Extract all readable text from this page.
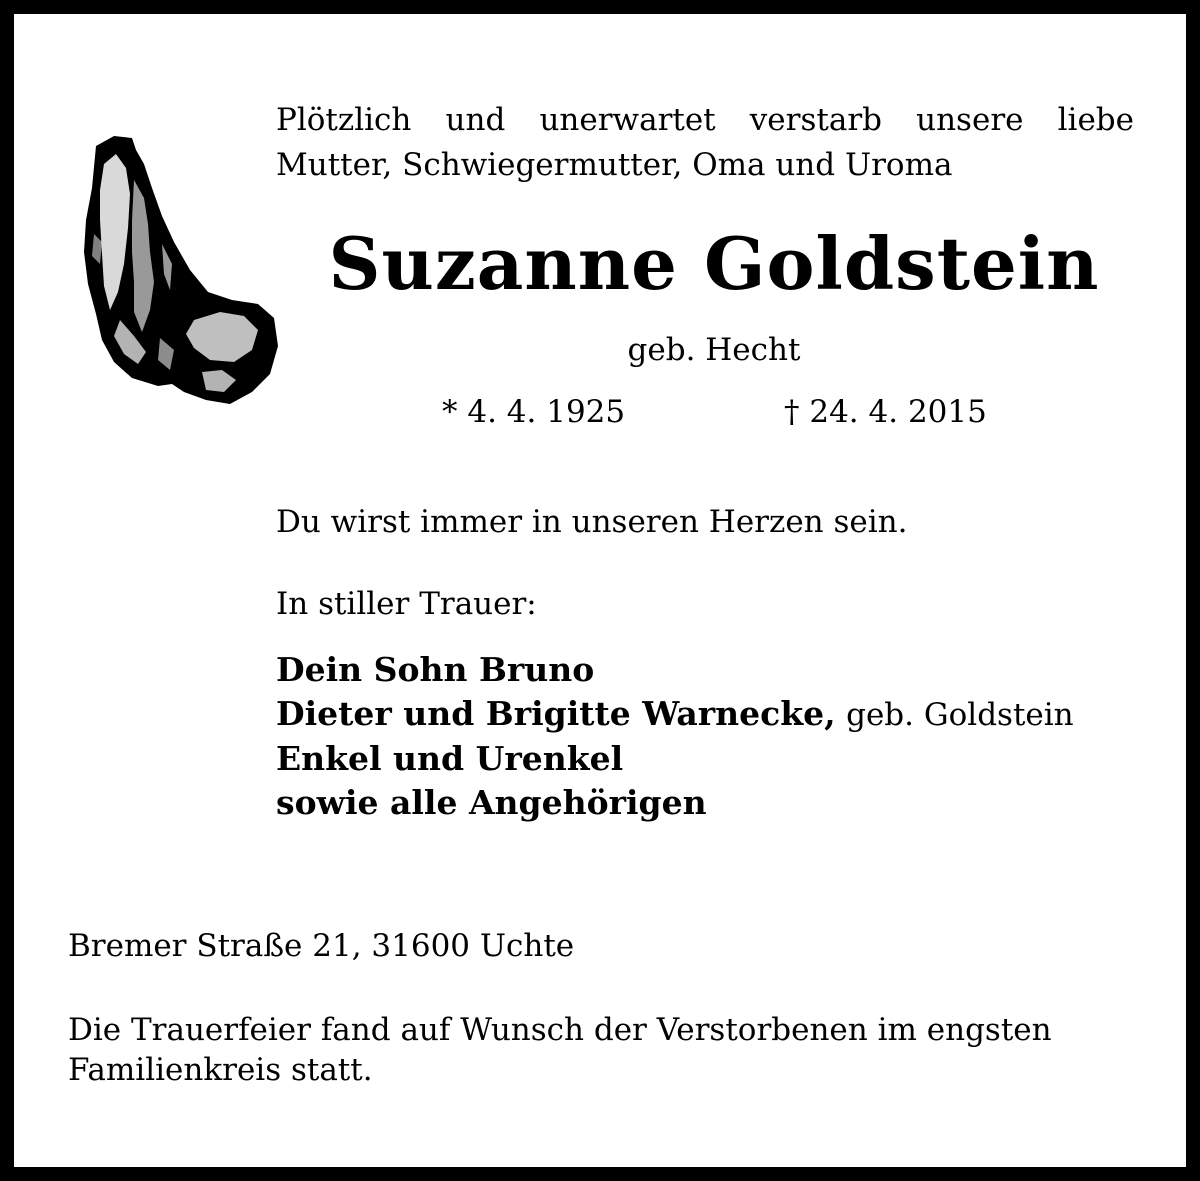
Plötzlich und unerwartet verstarb unsere liebe
Mutter, Schwiegermutter, Oma und Uroma
Suzanne Goldstein
geb. Hecht
* 4. 4. 1925	† 24. 4. 2015
Du wirst immer in unseren Herzen sein.
In stiller Trauer:
Dein Sohn Bruno
Dieter und Brigitte Warnecke, geb. Goldstein
Enkel und Urenkel
sowie alle Angehörigen
Bremer Straße 21, 31600 Uchte
Die Trauerfeier fand auf Wunsch der Verstorbenen im engsten Familienkreis statt.
